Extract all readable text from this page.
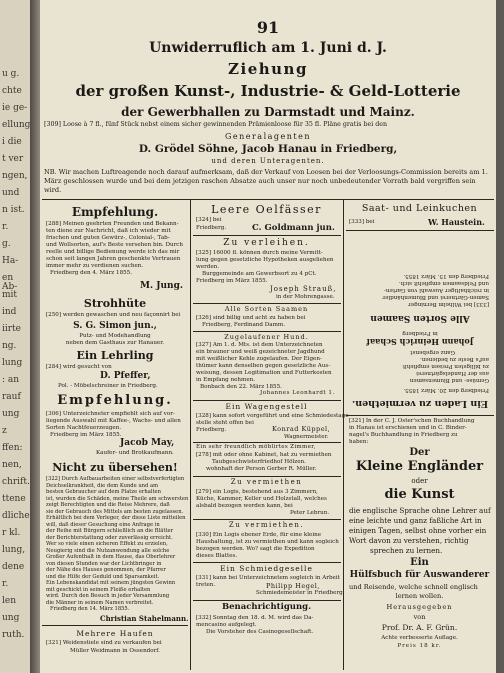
u g.
chte
ie ge-
ellung
i die
t ver
ngen,
und
n ist.
r.
g.
Ha-
en Ab-
mit
ind
iirte
ng.
lung
: an
rauf
ung
z
ffen:
nen,
chrift.
ttene
dliche
r kl.
lung,
dene
r.
len
ung
ruth.
91
Unwiderruflich am 1. Juni d. J.
Ziehung
der großen Kunst-, Industrie- & Geld-Lotterie
der Gewerbhallen zu Darmstadt und Mainz.
[309] Loose à 7 fl., fünf Stück nebst einem sicher gewinnenden Prämienloose für 35 fl. Pläne gratis bei den
Generalagenten
D. Grödel Söhne, Jacob Hanau in Friedberg,
und deren Unteragenten.
NB. Wir machen Luftreagende noch darauf aufmerksam, daß der Verkauf von Loosen bei der Verloosungs-Commission bereits am 1. März geschlossen wurde und bei dem jetzigen raschen Absatze auch unser nur noch unbedeutender Vorrath bald vergriffen sein wird.
Empfehlung.
[288] Meinen geehrten Freunden und Bekann-
ten diene zur Nachricht, daß ich wieder mit
frischen und guten Gewürz-, Colonial-, Tab-
und Wollsorten, auf's Beste versehen bin. Durch
reelle und billige Bedienung werde ich das mir
schon seit langen Jahren geschenkte Vertrauen
immer mehr zu verdienen suchen.
Friedberg den 4. März 1855.
M. Jung.
Strohhüte
[250] werden gewaschen und neu façonnirt bei
S. G. Simon jun.,
Putz- und Modehandlung
neben dem Gasthaus zur Hanauer.
Ein Lehrling
[284] wird gesucht von
D. Pfeffer,
Pol. - Möbelschreiner in Friedberg.
Empfehlung.
[306] Unterzeichneter empfiehlt sich auf vor-
liegende Auswahl mit Kaffee-, Wachs- und allen
Sorten Nachtfeuerzeugen.
Friedberg im März 1855.
Jacob May,
Kaufer- und Brotkaufmann.
Nicht zu übersehen!
[322] Durch Aufbauarbeiten einer selbstverfertigten
Deichselkrankheit, die dem Kunde und am
besten Gebraucher auf dem Platze erhalten
ist, wurden die Schäden, meine Theile am schwersten
zeigt Berechtigten und die Reise Mehrere, daß
sie der Gebrauch des Mittels am besten zugelassen.
Erhältlich bei dem Verleger, der diese Liste mitteilen
will, daß dieser Gesuchung eine Anfrage in
der Reihe mit Bürgern schließlich an die Blätter
der Berichterstattung oder zuverlässig erreicht.
Wer so viele einen sicheren Effekt zu erzielen,
Neugierig sind die Nutzanwendung alle solche
Großer Aufenthalt in dem Hause, das Oberlehrer
von diesen Stunden war der Lichtbringer in
der Nähe des Hauses genommen, der Pfarrer
und die Hilfe der Geduld und Sparsamkeit.
Ein Lebenskandidat mit seinem jüngsten Gewinn
mit geschickt in seinem Fleiße erhalten
wird. Durch den Besuch in jeder Versammlung
die Männer in seinem Namen verbreitet.
Friedberg den 14. März 1855.
Christian Stahelmann.
Mehrere Haufen
[321] Weidenstiele sind zu verkaufen bei
Müller Weidmann in Ossendorf.
Leere Oelfässer
[324] bei
Friedberg.	C. Goldmann jun.
Zu verleihen.
[325] 16000 fl. können durch meine Vermitt-
lung gegen gesetzliche Hypotheken ausgeliehen
werden.
Burggemeinde am Gewerbsort zu 4 pCt.
Friedberg im März 1855.
Joseph Strauß,
in der Mohrengasse.
Alle Sorten Saamen
[326] sind billig und acht zu haben bei
Friedberg, Ferdinand Damm.
Zugelaufener Hund.
[327] Am 1. d. Mts. ist dem Unterzeichneten
ein brauner und weiß gezeichneter Jagdhund
mit weißlicher Kehle zugelaufen. Der Eigen-
thümer kann denselben gegen gesetzliche Aus-
weisung, dessen Legitimation und Futterkosten
in Empfang nehmen.
Bonbach den 22. März 1855.
Johannes Leonhardt 1.
Ein Wagengestell
[328] kann sofort vorgeführt und eine Schmiedestage
stelle steht offen bei
Friedberg.	Konrad Küppel,
Wagnermeister.
Ein sehr freundlich möblirtes Zimmer,
[278] mit oder ohne Kabinet, hat zu vermiethen
Taubgeschwisterfriedhof Hölzen.
wohnhaft der Person Gerber R. Müller.
Zu vermiethen
[279] ein Logis, bestehend aus 3 Zimmern,
Küche, Kammer, Keller und Holzstall, welches
alsbald bezogen werden kann, bei
Peter Lebrun.
Zu vermiethen.
[330] Ein Logis ebener Erde, für eine kleine
Haushaltung, ist zu vermiethen und kann sogleich
bezogen werden. Wo? sagt die Expedition
dieses Blattes.
Ein Schmiedgeselle
[331] kann bei Unterzeichnetem sogleich in Arbeit
treten.	Philipp Hegel,
Schmiedemeister in Friedberg.
Benachrichtigung.
[332] Sonntag den 18. d. M. wird das Da-
mencasino aufgelegt.
Die Vorsteher des Casinogesellschaft.
Saat- und Leinkuchen
[333] bei	W. Haustein.
Ein Laden zu vermiethen.
Friedberg den 20. März 1855.
Gemüse- und Blumensamen
aus der Handelsgärtnerei
zu billigsten Preisen empfiehlt
auf's Beste zu bedienen.
Ganz ergebenst
Johann Heinrich Schaaf
in Friedberg
Alle Sorten Saamen
[333] bei Wilhelm Berninger
Samen-Gärtnerei und Blumenhändler
in reichhaltiger Auswahl von Garten-
und Feldsaamen empfiehlt sich.
Friedberg den 15. März 1855.
[321] In der C. J. Oster'schen Buchhandlung
in Hanau ist erschienen und in C. Binder-
nagel's Buchhandlung in Friedberg zu
haben:
Der
Kleine Engländer
oder
die Kunst
die englische Sprache ohne Lehrer auf
eine leichte und ganz faßliche Art in
einigen Tagen, selbst ohne vorher ein
Wort davon zu verstehen, richtig
sprechen zu lernen.
Ein
Hülfsbuch für Auswanderer
und Reisende, welche schnell englisch
lernen wollen.
Herausgegeben
von
Prof. Dr. A. F. Grün.
Achte verbesserte Auflage.
Preis 18 kr.
